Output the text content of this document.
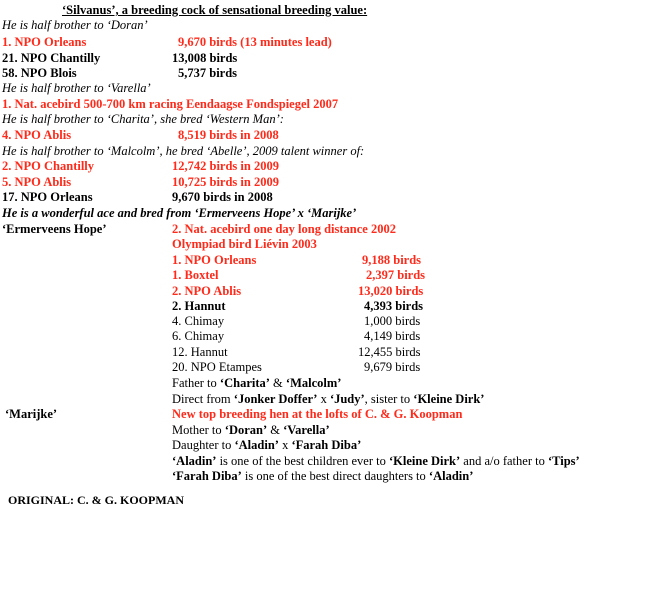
‘Silvanus’, a breeding cock of sensational breeding value:
He is half brother to ‘Doran’
1. NPO Orleans	9,670 birds (13 minutes lead)
21. NPO Chantilly	13,008 birds
58. NPO Blois	5,737 birds
He is half brother to ‘Varella’
1. Nat. acebird 500-700 km racing Eendaagse Fondspiegel 2007
He is half brother to ‘Charita’, she bred ‘Western Man’:
4. NPO Ablis	8,519 birds in 2008
He is half brother to ‘Malcolm’, he bred ‘Abelle’, 2009 talent winner of:
2. NPO Chantilly	12,742 birds in 2009
5. NPO Ablis	10,725 birds in 2009
17. NPO Orleans	9,670 birds in 2008
He is a wonderful ace and bred from ‘Ermerveens Hope’ x ‘Marijke’
‘Ermerveens Hope’	2. Nat. acebird one day long distance 2002
Olympiad bird Liévin 2003
1. NPO Orleans	9,188 birds
1. Boxtel	2,397 birds
2. NPO Ablis	13,020 birds
2. Hannut	4,393 birds
4. Chimay	1,000 birds
6. Chimay	4,149 birds
12. Hannut	12,455 birds
20. NPO Etampes	9,679 birds
Father to ‘Charita’ & ‘Malcolm’
Direct from ‘Jonker Doffer’ x ‘Judy’, sister to ‘Kleine Dirk’
‘Marijke’	New top breeding hen at the lofts of C. & G. Koopman
Mother to ‘Doran’ & ‘Varella’
Daughter to ‘Aladin’ x ‘Farah Diba’
‘Aladin’ is one of the best children ever to ‘Kleine Dirk’ and a/o father to ‘Tips’
‘Farah Diba’ is one of the best direct daughters to ‘Aladin’
ORIGINAL: C. & G. KOOPMAN
